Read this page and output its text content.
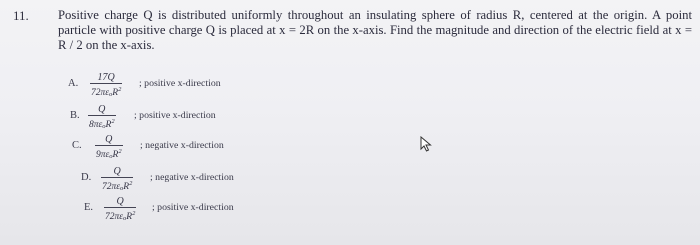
11. Positive charge Q is distributed uniformly throughout an insulating sphere of radius R, centered at the origin. A point particle with positive charge Q is placed at x = 2R on the x-axis. Find the magnitude and direction of the electric field at x = R / 2 on the x-axis.
A.
17Q
$72\pi\varepsilon_oR^2$
; positive x-direction
B.
Q
$8\pi\varepsilon_oR^2$
; positive x-direction
C.
Q
$9\pi\varepsilon_oR^2$
; negative x-direction
D.
Q
$72\pi\varepsilon_oR^2$
; negative x-direction
E.
Q
$72\pi\varepsilon_oR^2$
; positive x-direction
